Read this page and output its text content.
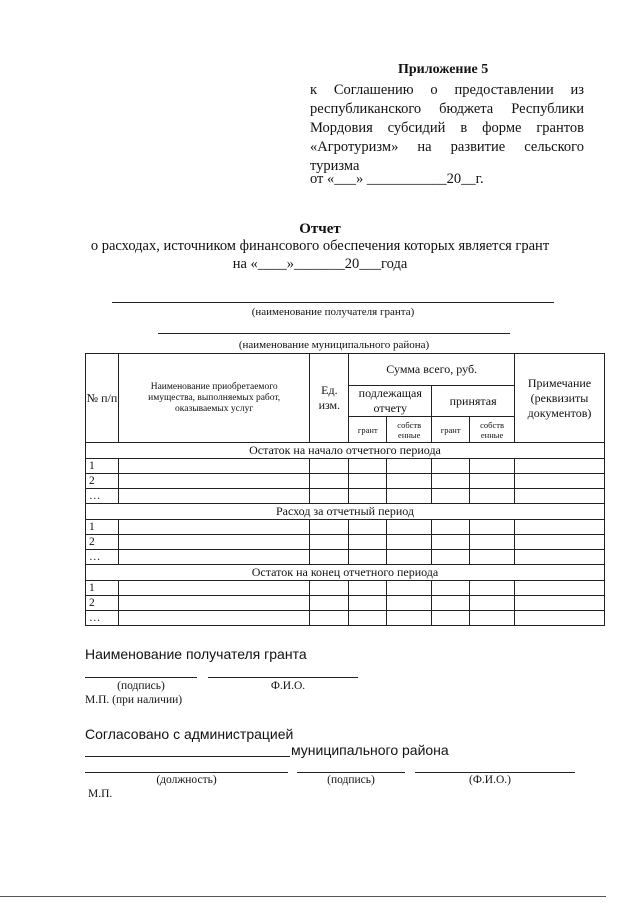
Приложение 5
к Соглашению о предоставлении из
республиканского бюджета Республики
Мордовия субсидий в форме грантов
«Агротуризм» на развитие сельского
туризма
от «___» ___________20__г.
Отчет
о расходах, источником финансового обеспечения которых является грант
на «____»_______20___года
(наименование получателя гранта)
(наименование муниципального района)
№ п/п	Наименование приобретаемого имущества, выполняемых работ, оказываемых услуг	Ед. изм.	Сумма всего, руб.				Примечание (реквизиты документов)
			подлежащая отчету		принятая		
			грант	собств енные	грант	собств енные	
Остаток на начало отчетного периода							
1							
2							
…							
Расход за отчетный период							
1							
2							
…							
Остаток на конец отчетного периода							
1							
2							
…							
Наименование получателя гранта
(подпись)	Ф.И.О.
М.П. (при наличии)
Согласовано с администрацией
муниципального района
(должность)	(подпись)	(Ф.И.О.)
М.П.
